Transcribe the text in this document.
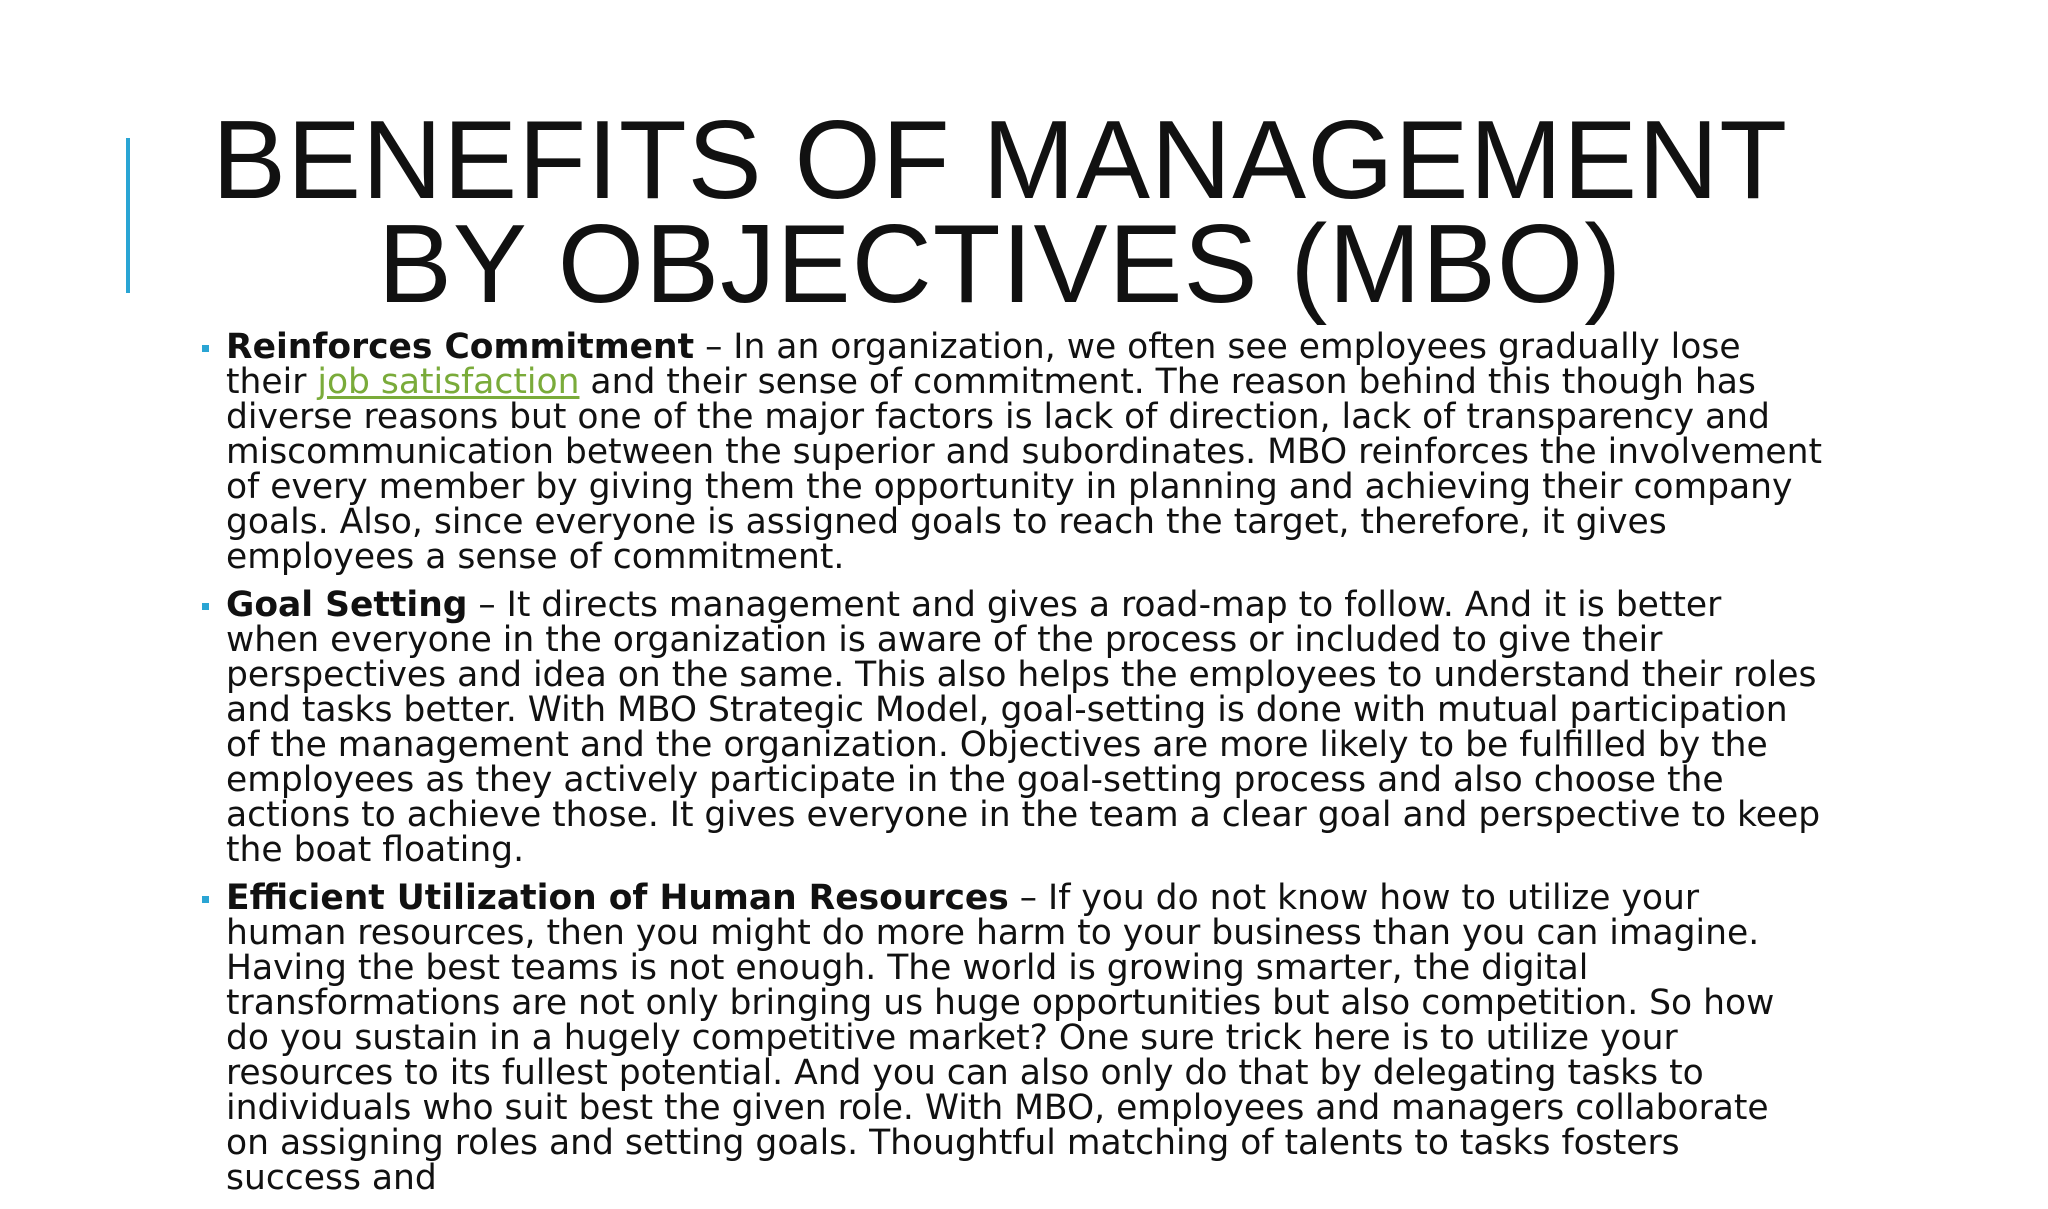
BENEFITS OF MANAGEMENT
BY OBJECTIVES (MBO)
Reinforces Commitment – In an organization, we often see employees gradually lose their job satisfaction and their sense of commitment. The reason behind this though has diverse reasons but one of the major factors is lack of direction, lack of transparency and miscommunication between the superior and subordinates. MBO reinforces the involvement of every member by giving them the opportunity in planning and achieving their company goals. Also, since everyone is assigned goals to reach the target, therefore, it gives employees a sense of commitment.
Goal Setting – It directs management and gives a road-map to follow. And it is better when everyone in the organization is aware of the process or included to give their perspectives and idea on the same. This also helps the employees to understand their roles and tasks better. With MBO Strategic Model, goal-setting is done with mutual participation of the management and the organization. Objectives are more likely to be fulfilled by the employees as they actively participate in the goal-setting process and also choose the actions to achieve those. It gives everyone in the team a clear goal and perspective to keep the boat floating.
Efficient Utilization of Human Resources – If you do not know how to utilize your human resources, then you might do more harm to your business than you can imagine. Having the best teams is not enough. The world is growing smarter, the digital transformations are not only bringing us huge opportunities but also competition. So how do you sustain in a hugely competitive market? One sure trick here is to utilize your resources to its fullest potential. And you can also only do that by delegating tasks to individuals who suit best the given role. With MBO, employees and managers collaborate on assigning roles and setting goals. Thoughtful matching of talents to tasks fosters success and
